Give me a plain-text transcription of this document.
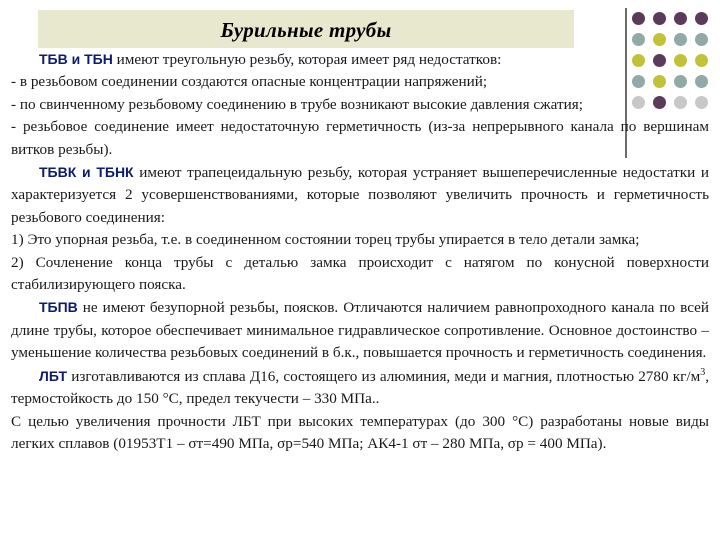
Бурильные трубы

ТБВ и ТБН имеют треугольную резьбу, которая имеет ряд недостатков:

- в резьбовом соединении создаются опасные концентрации напряжений;

- по свинченному резьбовому соединению в трубе возникают высокие давления сжатия;

- резьбовое соединение имеет недостаточную герметичность (из-за непрерывного канала по вершинам витков резьбы).

ТБВК и ТБНК имеют трапецеидальную резьбу, которая устраняет вышеперечисленные недостатки и характеризуется 2 усовершенствованиями, которые позволяют увеличить прочность и герметичность резьбового соединения:

1) Это упорная резьба, т.е. в соединенном состоянии торец трубы упирается в тело детали замка;

2) Сочленение конца трубы с деталью замка происходит с натягом по конусной поверхности стабилизирующего пояска.

ТБПВ не имеют безупорной резьбы, поясков. Отличаются наличием равнопроходного канала по всей длине трубы, которое обеспечивает минимальное гидравлическое сопротивление. Основное достоинство – уменьшение количества резьбовых соединений в б.к., повышается прочность и герметичность соединения.

ЛБТ изготавливаются из сплава Д16, состоящего из алюминия, меди и магния, плотностью 2780 $кг/м^3$, термостойкость до 150 °С, предел текучести – 330 МПа..

С целью увеличения прочности ЛБТ при высоких температурах (до 300 °С) разработаны новые виды легких сплавов (01953Т1 – σт=490 МПа, σр=540 МПа; АК4-1 σт – 280 МПа, σр = 400 МПа).
